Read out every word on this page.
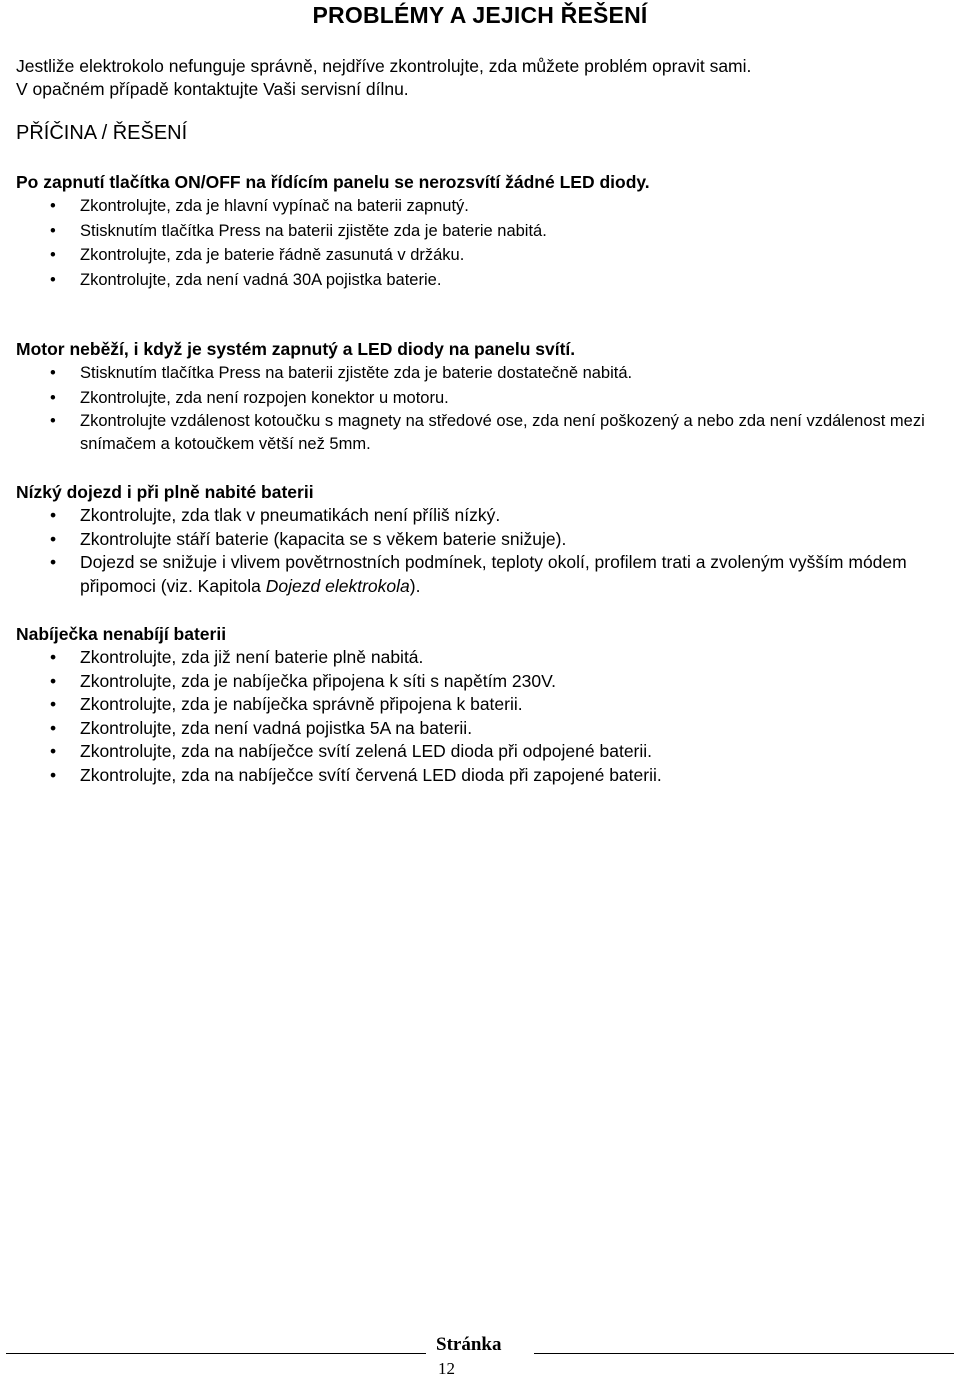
PROBLÉMY A JEJICH ŘEŠENÍ
Jestliže elektrokolo nefunguje správně, nejdříve zkontrolujte, zda můžete problém opravit sami.
V opačném případě kontaktujte Vaši servisní dílnu.
PŘÍČINA / ŘEŠENÍ
Po zapnutí tlačítka ON/OFF na řídícím panelu se nerozsvítí žádné LED diody.
• Zkontrolujte, zda je hlavní vypínač na baterii zapnutý.
• Stisknutím tlačítka Press na baterii zjistěte zda je baterie nabitá.
• Zkontrolujte, zda je baterie řádně zasunutá v držáku.
• Zkontrolujte, zda není vadná 30A pojistka baterie.
Motor neběží, i když je systém zapnutý a LED diody na panelu svítí.
• Stisknutím tlačítka Press na baterii zjistěte zda je baterie dostatečně nabitá.
• Zkontrolujte, zda není rozpojen konektor u motoru.
• Zkontrolujte vzdálenost kotoučku s magnety na středové ose, zda není poškozený a nebo zda není vzdálenost mezi snímačem a kotoučkem větší než 5mm.
Nízký dojezd i při plně nabité baterii
• Zkontrolujte, zda tlak v pneumatikách není příliš nízký.
• Zkontrolujte stáří baterie (kapacita se s věkem baterie snižuje).
• Dojezd se snižuje i vlivem povětrnostních podmínek, teploty okolí, profilem trati a zvoleným vyšším módem připomoci (viz. Kapitola Dojezd elektrokola).
Nabíječka nenabíjí baterii
• Zkontrolujte, zda již není baterie plně nabitá.
• Zkontrolujte, zda je nabíječka připojena k síti s napětím 230V.
• Zkontrolujte, zda je nabíječka správně připojena k baterii.
• Zkontrolujte, zda není vadná pojistka 5A na baterii.
• Zkontrolujte, zda na nabíječce svítí zelená LED dioda při odpojené baterii.
• Zkontrolujte, zda na nabíječce svítí červená LED dioda při zapojené baterii.
Stránka
12
